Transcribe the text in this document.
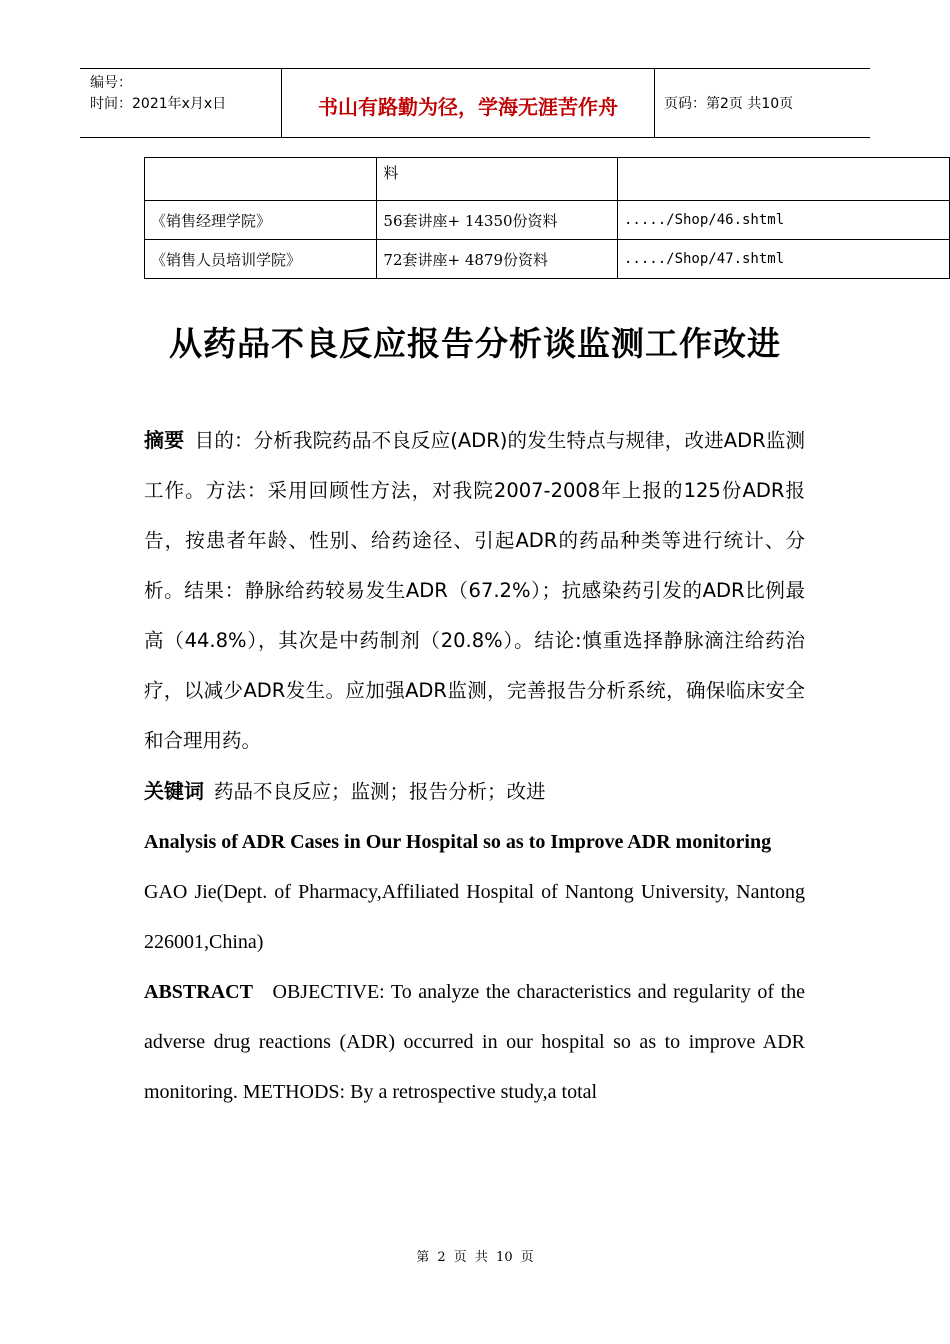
编号：
时间：2021年x月x日	书山有路勤为径，学海无涯苦作舟	页码：第2页 共10页
	料	
《销售经理学院》	56套讲座+ 14350份资料	...../Shop/46.shtml
《销售人员培训学院》	72套讲座+ 4879份资料	...../Shop/47.shtml
从药品不良反应报告分析谈监测工作改进

摘要 目的：分析我院药品不良反应(ADR)的发生特点与规律，改进ADR监测工作。方法：采用回顾性方法，对我院2007-2008年上报的125份ADR报告，按患者年龄、性别、给药途径、引起ADR的药品种类等进行统计、分析。结果：静脉给药较易发生ADR（67.2%）；抗感染药引发的ADR比例最高（44.8%），其次是中药制剂（20.8%）。结论:慎重选择静脉滴注给药治疗，以减少ADR发生。应加强ADR监测，完善报告分析系统，确保临床安全和合理用药。

关键词 药品不良反应；监测；报告分析；改进

Analysis of ADR Cases in Our Hospital so as to Improve ADR monitoring

GAO Jie(Dept. of Pharmacy,Affiliated Hospital of Nantong University, Nantong 226001,China)

ABSTRACT OBJECTIVE: To analyze the characteristics and regularity of the adverse drug reactions (ADR) occurred in our hospital so as to improve ADR monitoring. METHODS: By a retrospective study,a total

第 2 页 共 10 页
